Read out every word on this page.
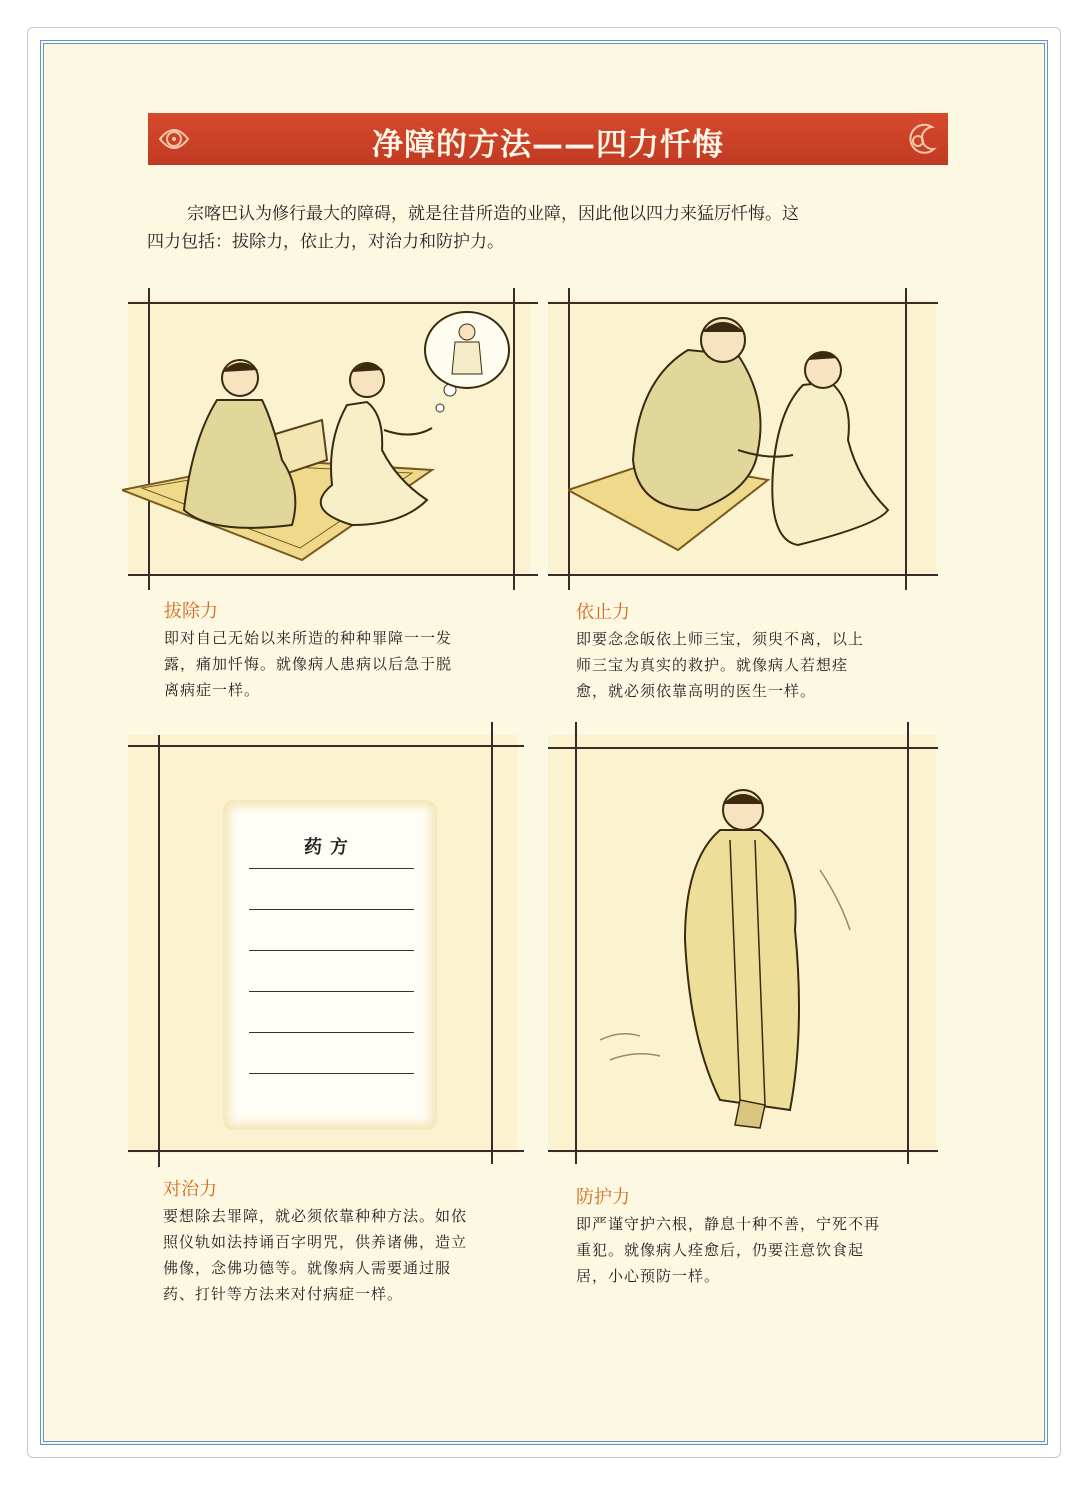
净障的方法——四力忏悔
宗喀巴认为修行最大的障碍，就是往昔所造的业障，因此他以四力来猛厉忏悔。这
四力包括：拔除力，依止力，对治力和防护力。
拔除力
即对自己无始以来所造的种种罪障一一发
露，痛加忏悔。就像病人患病以后急于脱
离病症一样。
依止力
即要念念皈依上师三宝，须臾不离，以上
师三宝为真实的救护。就像病人若想痊
愈，就必须依靠高明的医生一样。
药方
对治力
要想除去罪障，就必须依靠种种方法。如依
照仪轨如法持诵百字明咒，供养诸佛，造立
佛像，念佛功德等。就像病人需要通过服
药、打针等方法来对付病症一样。
防护力
即严谨守护六根，静息十种不善，宁死不再
重犯。就像病人痊愈后，仍要注意饮食起
居，小心预防一样。
